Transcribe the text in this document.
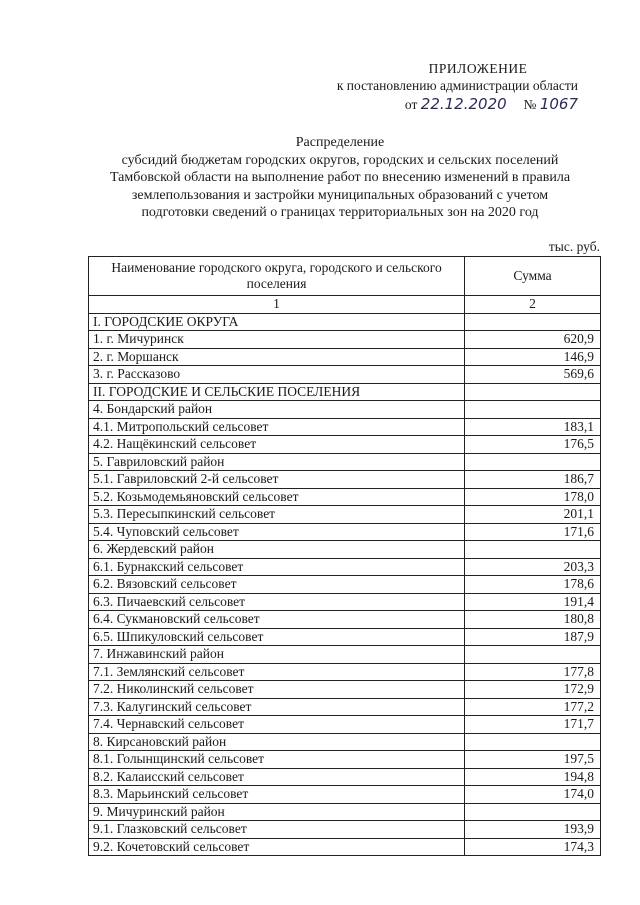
ПРИЛОЖЕНИЕ
к постановлению администрации области
от 22.12.2020 № 1067
Распределение
субсидий бюджетам городских округов, городских и сельских поселений
Тамбовской области на выполнение работ по внесению изменений в правила
землепользования и застройки муниципальных образований с учетом
подготовки сведений о границах территориальных зон на 2020 год
тыс. руб.
Наименование городского округа, городского и сельского поселения	Сумма
1	2
I. ГОРОДСКИЕ ОКРУГА	
1. г. Мичуринск	620,9
2. г. Моршанск	146,9
3. г. Рассказово	569,6
II. ГОРОДСКИЕ И СЕЛЬСКИЕ ПОСЕЛЕНИЯ	
4. Бондарский район	
4.1. Митропольский сельсовет	183,1
4.2. Нащёкинский сельсовет	176,5
5. Гавриловский район	
5.1. Гавриловский 2-й сельсовет	186,7
5.2. Козьмодемьяновский сельсовет	178,0
5.3. Пересыпкинский сельсовет	201,1
5.4. Чуповский сельсовет	171,6
6. Жердевский район	
6.1. Бурнакский сельсовет	203,3
6.2. Вязовский сельсовет	178,6
6.3. Пичаевский сельсовет	191,4
6.4. Сукмановский сельсовет	180,8
6.5. Шпикуловский сельсовет	187,9
7. Инжавинский район	
7.1. Землянский сельсовет	177,8
7.2. Николинский сельсовет	172,9
7.3. Калугинский сельсовет	177,2
7.4. Чернавский сельсовет	171,7
8. Кирсановский район	
8.1. Голынщинский сельсовет	197,5
8.2. Калаисский сельсовет	194,8
8.3. Марьинский сельсовет	174,0
9. Мичуринский район	
9.1. Глазковский сельсовет	193,9
9.2. Кочетовский сельсовет	174,3
